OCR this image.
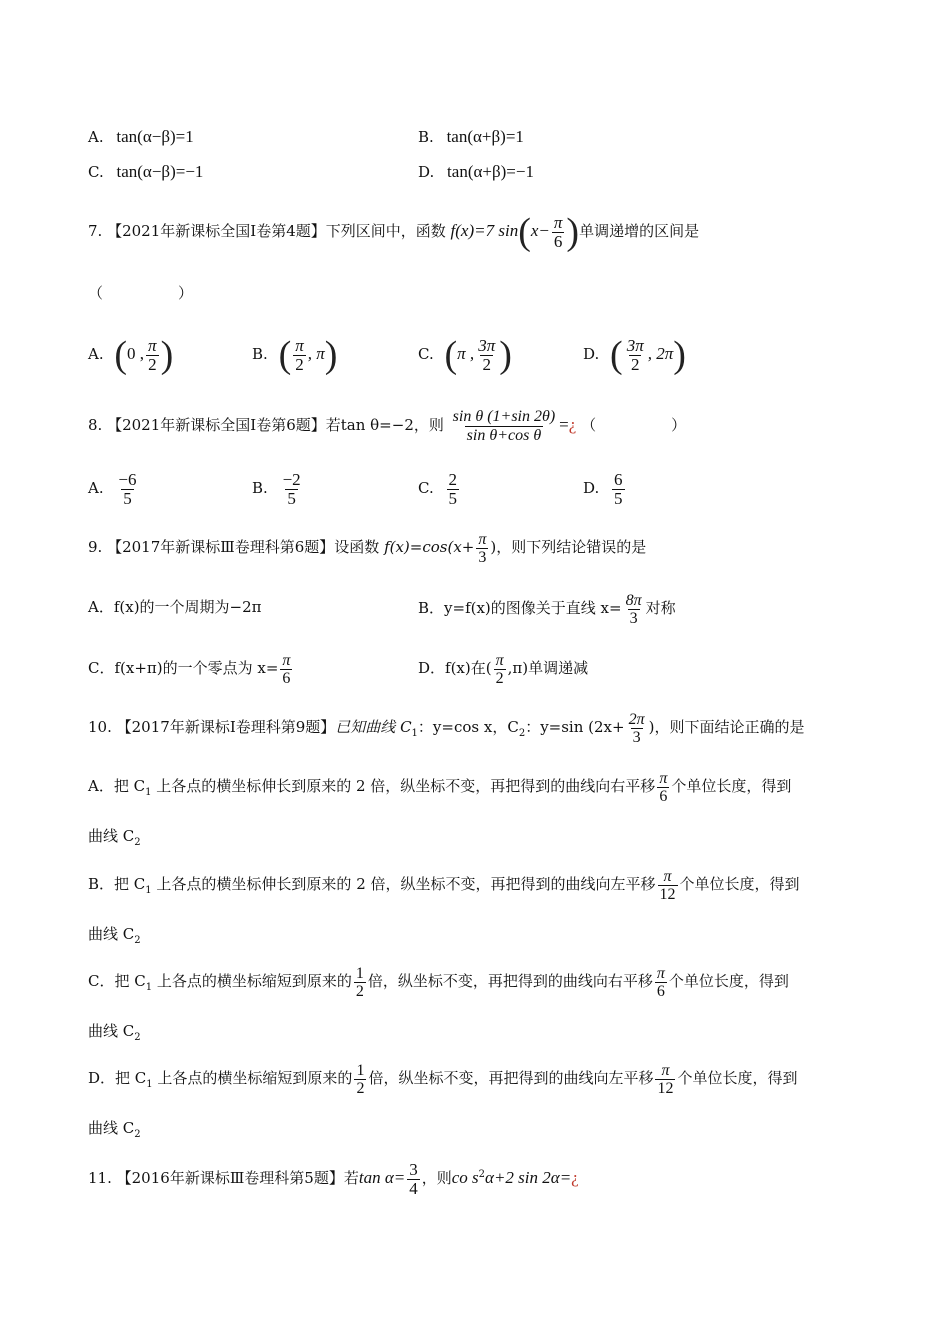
A. tan(α−β)=1	B. tan(α+β)=1
C. tan(α−β)=−1	D. tan(α+β)=−1
7. 【2021年新课标全国Ⅰ卷第4题】下列区间中，函数 f(x)=7 $\sin(x- \frac{\pi}{6}$ )单调递增的区间是
（　　　　　）
A. (0 , $\frac{\pi}{2}$ )	B. ( $\frac{\pi}{2}$ , π)	C. (π , $\frac{3\pi}{2}$ )	D. ( $\frac{3\pi}{2}$ , 2π)
8. 【2021年新课标全国Ⅰ卷第6题】若tan θ=−2，则 $\frac{\text{sin θ (1+sin 2θ)}}{\text{sin θ+cos θ}}$ =¿ （　　　　　）
A. $\frac{-6}{5}$	B. $\frac{-2}{5}$	C. $\frac{2}{5}$	D. $\frac{6}{5}$
9. 【2017年新课标Ⅲ卷理科第6题】设函数 $f(x)=\cos(x+ \frac{\pi}{3}$ )，则下列结论错误的是
A．f(x)的一个周期为−2π	B．y=f(x)的图像关于直线 $x= \frac{8\pi}{3}$ 对称
C．f(x+π)的一个零点为 $x= \frac{\pi}{6}$	D．f(x)在( $\frac{\pi}{2} ,\pi$)单调递减
10. 【2017年新课标Ⅰ卷理科第9题】已知曲线 $C_1$：y=cos x，$C_2$：y=sin ($2x+ \frac{2\pi}{3}$ )，则下面结论正确的是
A．把 $C_1$ 上各点的横坐标伸长到原来的 2 倍，纵坐标不变，再把得到的曲线向右平移 $\frac{\pi}{6}$ 个单位长度，得到
曲线 $C_2$
B．把 $C_1$ 上各点的横坐标伸长到原来的 2 倍，纵坐标不变，再把得到的曲线向左平移 $\frac{\pi}{12}$ 个单位长度，得到
曲线 $C_2$
C．把 $C_1$ 上各点的横坐标缩短到原来的 $\frac{1}{2}$ 倍，纵坐标不变，再把得到的曲线向右平移 $\frac{\pi}{6}$ 个单位长度，得到
曲线 $C_2$
D．把 $C_1$ 上各点的横坐标缩短到原来的 $\frac{1}{2}$ 倍，纵坐标不变，再把得到的曲线向左平移 $\frac{\pi}{12}$ 个单位长度，得到
曲线 $C_2$
11. 【2016年新课标Ⅲ卷理科第5题】若$\tan \alpha= \frac{3}{4}$ ，则co $s^2\alpha+2$ sin 2α=¿
